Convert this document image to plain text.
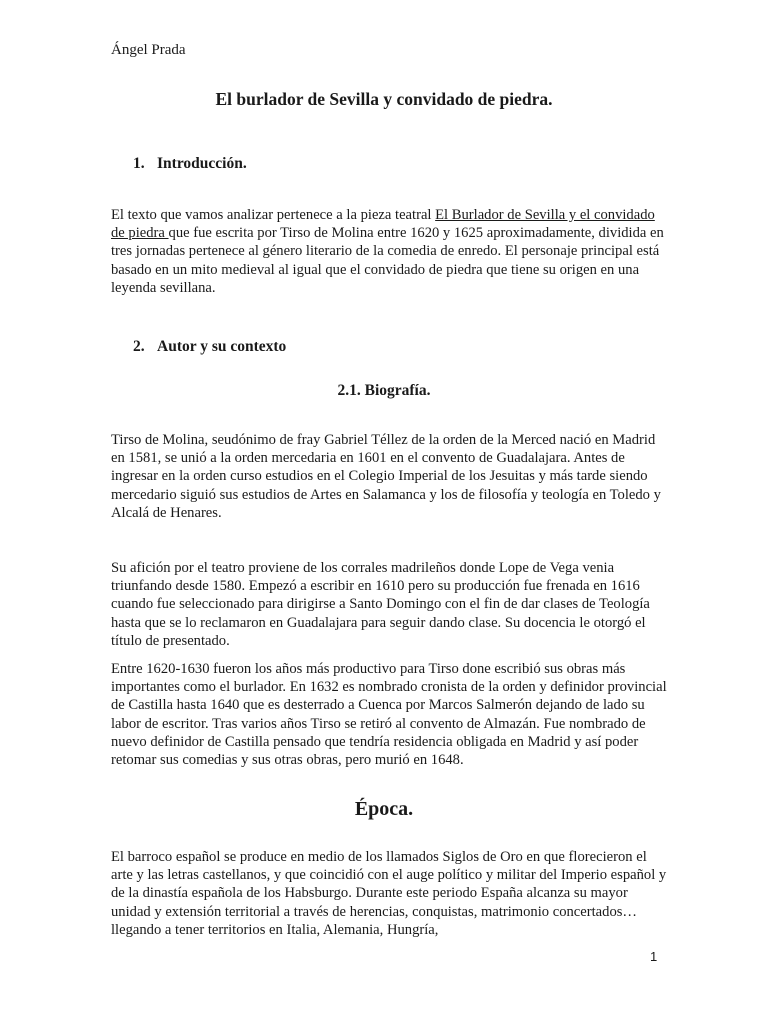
Ángel Prada
El burlador de Sevilla y convidado de piedra.
1. Introducción.

El texto que vamos analizar pertenece a la pieza teatral El Burlador de Sevilla y el convidado de piedra que fue escrita por Tirso de Molina entre 1620 y 1625 aproximadamente, dividida en tres jornadas pertenece al género literario de la comedia de enredo. El personaje principal está basado en un mito medieval al igual que el convidado de piedra que tiene su origen en una leyenda sevillana.

2. Autor y su contexto
2.1. Biografía.

Tirso de Molina, seudónimo de fray Gabriel Téllez de la orden de la Merced nació en Madrid en 1581, se unió a la orden mercedaria en 1601 en el convento de Guadalajara. Antes de ingresar en la orden curso estudios en el Colegio Imperial de los Jesuitas y más tarde siendo mercedario siguió sus estudios de Artes en Salamanca y los de filosofía y teología en Toledo y Alcalá de Henares.

Su afición por el teatro proviene de los corrales madrileños donde Lope de Vega venia triunfando desde 1580. Empezó a escribir en 1610 pero su producción fue frenada en 1616 cuando fue seleccionado para dirigirse a Santo Domingo con el fin de dar clases de Teología hasta que se lo reclamaron en Guadalajara para seguir dando clase. Su docencia le otorgó el título de presentado.

Entre 1620-1630 fueron los años más productivo para Tirso done escribió sus obras más importantes como el burlador. En 1632 es nombrado cronista de la orden y definidor provincial de Castilla hasta 1640 que es desterrado a Cuenca por Marcos Salmerón dejando de lado su labor de escritor. Tras varios años Tirso se retiró al convento de Almazán. Fue nombrado de nuevo definidor de Castilla pensado que tendría residencia obligada en Madrid y así poder retomar sus comedias y sus otras obras, pero murió en 1648.

Época.

El barroco español se produce en medio de los llamados Siglos de Oro en que florecieron el arte y las letras castellanos, y que coincidió con el auge político y militar del Imperio español y de la dinastía española de los Habsburgo. Durante este periodo España alcanza su mayor unidad y extensión territorial a través de herencias, conquistas, matrimonio concertados… llegando a tener territorios en Italia, Alemania, Hungría,

1
